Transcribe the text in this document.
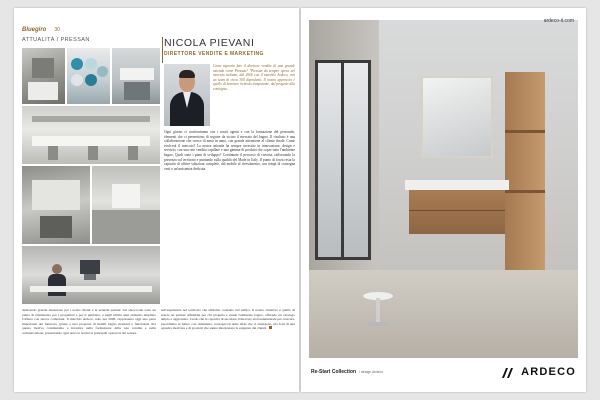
Bluegiro 30
ATTUALITÀ / PRESSAN	NICOLA PIEVANI
DIRETTORE VENDITE E MARKETING
Come signoria fare il direttore vendite di una grande azienda come Pressan? "Pressan da sempre opera nel mercato italiano, dal 2006 con il marchio Ardeco, con un team di circa 300 dipendenti. Il nostro approccio è quello di lavorare in modo trasparente, dal progetto alla consegna...
Ogni giorno ci confrontiamo con i nostri agenti e con la formazione del personale, elementi che ci permettono di seguire da vicino il mercato del bagno. Il risultato è una collaborazione che cresce di anno in anno, con grande attenzione al cliente finale. Come evolverà il mercato? La nostra azienda ha sempre investito in innovazione, design e servizio, con una rete vendita capillare e una gamma di prodotti che copre tutto l'ambiente bagno. Quali sono i piani di sviluppo? Continuare il percorso di crescita, rafforzando la presenza sul territorio e puntando sulla qualità del Made in Italy. Il punto di forza resta la capacità di offrire soluzioni complete, dal mobile al rivestimento, con tempi di consegna certi e un'assistenza dedicata.
dedicando grande attenzione per i nostri clienti e le aziende partner. Gli showroom sono un punto di riferimento per i progettisti e per il pubblico, e negli ultimi anni abbiamo ampliato l'offerta con nuove collezioni. Il marchio Ardeco, nato nel 2006, rappresenta oggi una parte importante del fatturato, grazie a una proposta di mobili bagno moderni e funzionali. Per questo motivo continuiamo a investire nella formazione della rete vendita e nella comunicazione, presentando ogni anno le novità ai principali operatori del settore.
sull'esperienza nel territorio che abbiamo costruito nel tempo. Il nostro obiettivo è quello di essere un partner affidabile per chi progetta e vende l'ambiente bagno, offrendo un catalogo ampio e aggiornato. Credo che la capacità di ascoltare il mercato sia fondamentale per crescere. Guardiamo al futuro con ottimismo, consapevoli delle sfide che ci attendono, ma forti di una squadra motivata e di prodotti che sanno interpretare le esigenze dei clienti.
ardeco-it.com
Re-Start Collection / design Ardeco	ARDECO
